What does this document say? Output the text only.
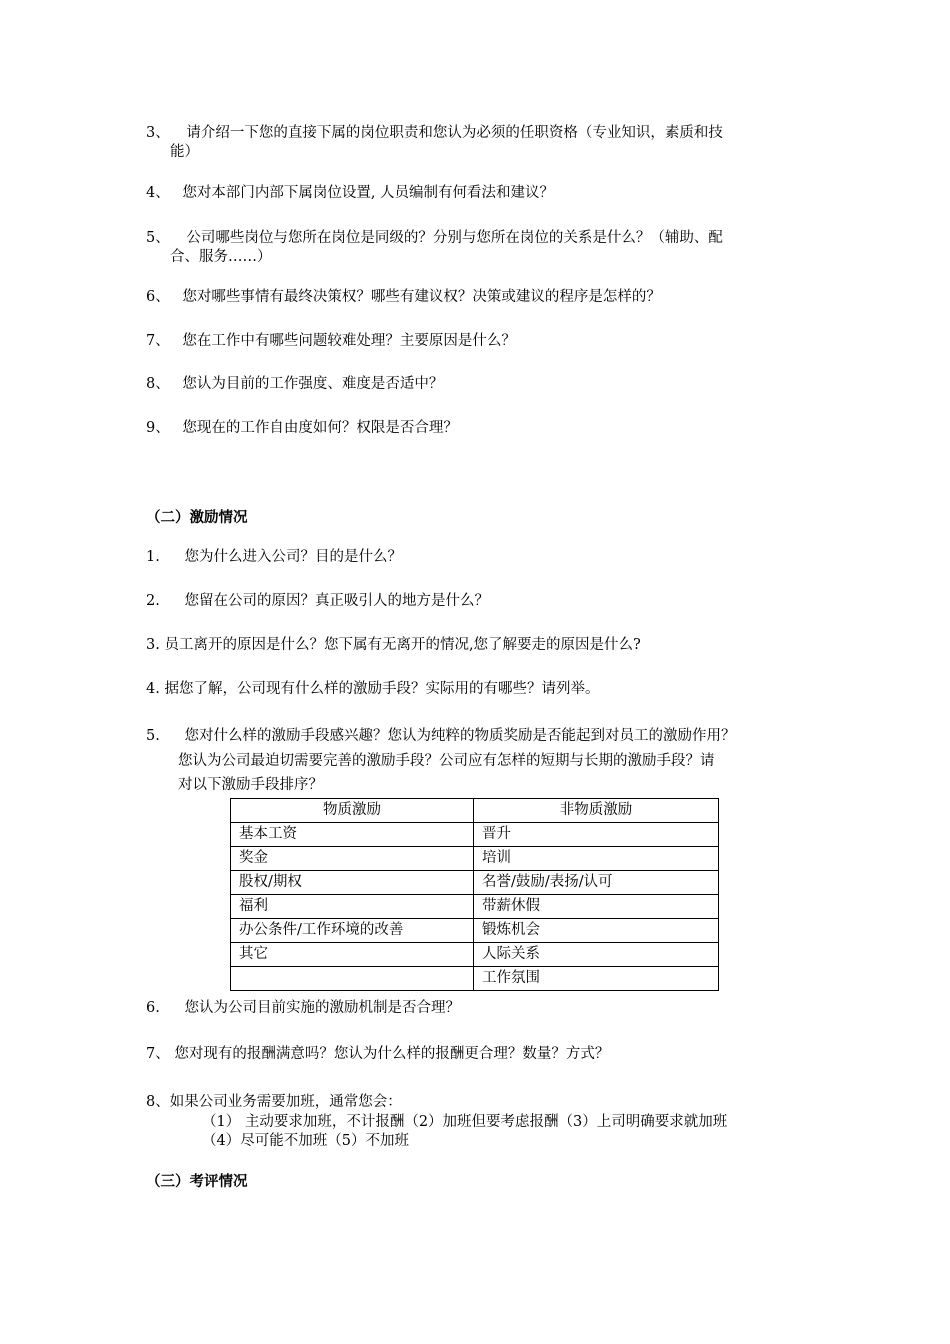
3、 请介绍一下您的直接下属的岗位职责和您认为必须的任职资格（专业知识，素质和技
能）
4、 您对本部门内部下属岗位设置, 人员编制有何看法和建议？
5、 公司哪些岗位与您所在岗位是同级的？分别与您所在岗位的关系是什么？（辅助、配
合、服务……）
6、 您对哪些事情有最终决策权？哪些有建议权？决策或建议的程序是怎样的？
7、 您在工作中有哪些问题较难处理？主要原因是什么？
8、 您认为目前的工作强度、难度是否适中？
9、 您现在的工作自由度如何？权限是否合理？
（二）激励情况
1. 您为什么进入公司？目的是什么？
2. 您留在公司的原因？真正吸引人的地方是什么？
3. 员工离开的原因是什么？您下属有无离开的情况,您了解要走的原因是什么?
4. 据您了解，公司现有什么样的激励手段？实际用的有哪些？请列举。
5. 您对什么样的激励手段感兴趣？您认为纯粹的物质奖励是否能起到对员工的激励作用？
您认为公司最迫切需要完善的激励手段？公司应有怎样的短期与长期的激励手段？请
对以下激励手段排序？
物质激励	非物质激励
基本工资	晋升
奖金	培训
股权/期权	名誉/鼓励/表扬/认可
福利	带薪休假
办公条件/工作环境的改善	锻炼机会
其它	人际关系
	工作氛围
6. 您认为公司目前实施的激励机制是否合理？
7、 您对现有的报酬满意吗？您认为什么样的报酬更合理？数量？方式？
8、如果公司业务需要加班，通常您会：
（1） 主动要求加班，不计报酬（2）加班但要考虑报酬（3）上司明确要求就加班
（4）尽可能不加班（5）不加班
（三）考评情况
